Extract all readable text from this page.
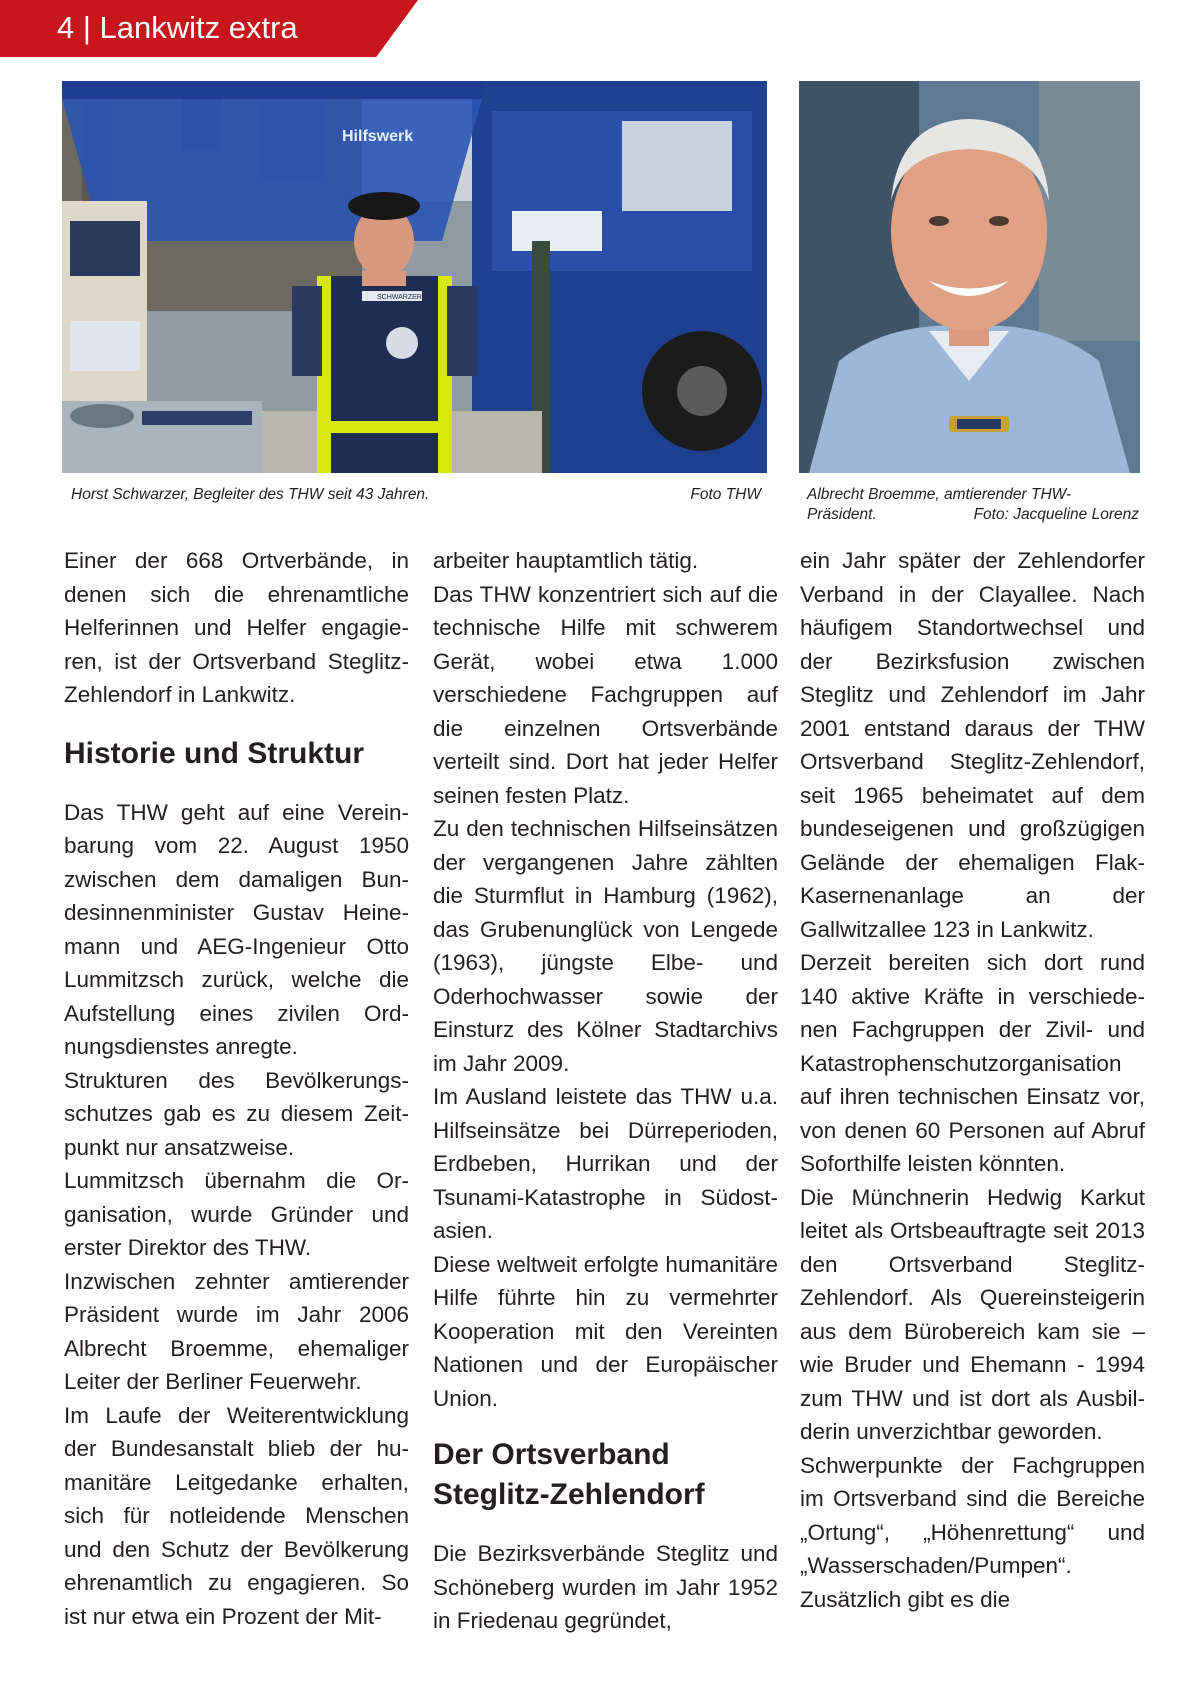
4 | Lankwitz extra
SCHWARZER
Hilfswerk
Horst Schwarzer, Begleiter des THW seit 43 Jahren.	Foto THW	Albrecht Broemme, amtierender THW-
Präsident.	Foto: Jacqueline Lorenz

Einer der 668 Ortverbände, in denen sich die ehrenamtliche Helferinnen und Helfer engagieren, ist der Ortsverband Steglitz-Zehlendorf in Lankwitz.

Historie und Struktur

Das THW geht auf eine Vereinbarung vom 22. August 1950 zwischen dem damaligen Bundesinnenminister Gustav Heinemann und AEG-Ingenieur Otto Lummitzsch zurück, welche die Aufstellung eines zivilen Ordnungsdienstes anregte.

Strukturen des Bevölkerungsschutzes gab es zu diesem Zeitpunkt nur ansatzweise.

Lummitzsch übernahm die Organisation, wurde Gründer und erster Direktor des THW.

Inzwischen zehnter amtierender Präsident wurde im Jahr 2006 Albrecht Broemme, ehemaliger Leiter der Berliner Feuerwehr.

Im Laufe der Weiterentwicklung der Bundesanstalt blieb der humanitäre Leitgedanke erhalten, sich für notleidende Menschen und den Schutz der Bevölkerung ehrenamtlich zu engagieren. So ist nur etwa ein Prozent der Mit-

arbeiter hauptamtlich tätig.

Das THW konzentriert sich auf die technische Hilfe mit schwerem Gerät, wobei etwa 1.000 verschiedene Fachgruppen auf die einzelnen Ortsverbände verteilt sind. Dort hat jeder Helfer seinen festen Platz.

Zu den technischen Hilfseinsätzen der vergangenen Jahre zählten die Sturmflut in Hamburg (1962), das Grubenunglück von Lengede (1963), jüngste Elbe- und Oderhochwasser sowie der Einsturz des Kölner Stadtarchivs im Jahr 2009.

Im Ausland leistete das THW u.a. Hilfseinsätze bei Dürreperioden, Erdbeben, Hurrikan und der Tsunami-Katastrophe in Südostasien.

Diese weltweit erfolgte humanitäre Hilfe führte hin zu vermehrter Kooperation mit den Vereinten Nationen und der Europäischer Union.

Der Ortsverband Steglitz-Zehlendorf

Die Bezirksverbände Steglitz und Schöneberg wurden im Jahr 1952 in Friedenau gegründet,

ein Jahr später der Zehlendorfer Verband in der Clayallee. Nach häufigem Standortwechsel und der Bezirksfusion zwischen Steglitz und Zehlendorf im Jahr 2001 entstand daraus der THW Ortsverband Steglitz-Zehlendorf, seit 1965 beheimatet auf dem bundeseigenen und großzügigen Gelände der ehemaligen Flak-Kasernenanlage an der Gallwitzallee 123 in Lankwitz.

Derzeit bereiten sich dort rund 140 aktive Kräfte in verschiedenen Fachgruppen der Zivil- und Katastrophenschutzorganisation auf ihren technischen Einsatz vor, von denen 60 Personen auf Abruf Soforthilfe leisten könnten.

Die Münchnerin Hedwig Karkut leitet als Ortsbeauftragte seit 2013 den Ortsverband Steglitz-Zehlendorf. Als Quereinsteigerin aus dem Bürobereich kam sie – wie Bruder und Ehemann - 1994 zum THW und ist dort als Ausbilderin unverzichtbar geworden.

Schwerpunkte der Fachgruppen im Ortsverband sind die Bereiche „Ortung“, „Höhenrettung“ und „Wasserschaden/Pumpen“. Zusätzlich gibt es die
